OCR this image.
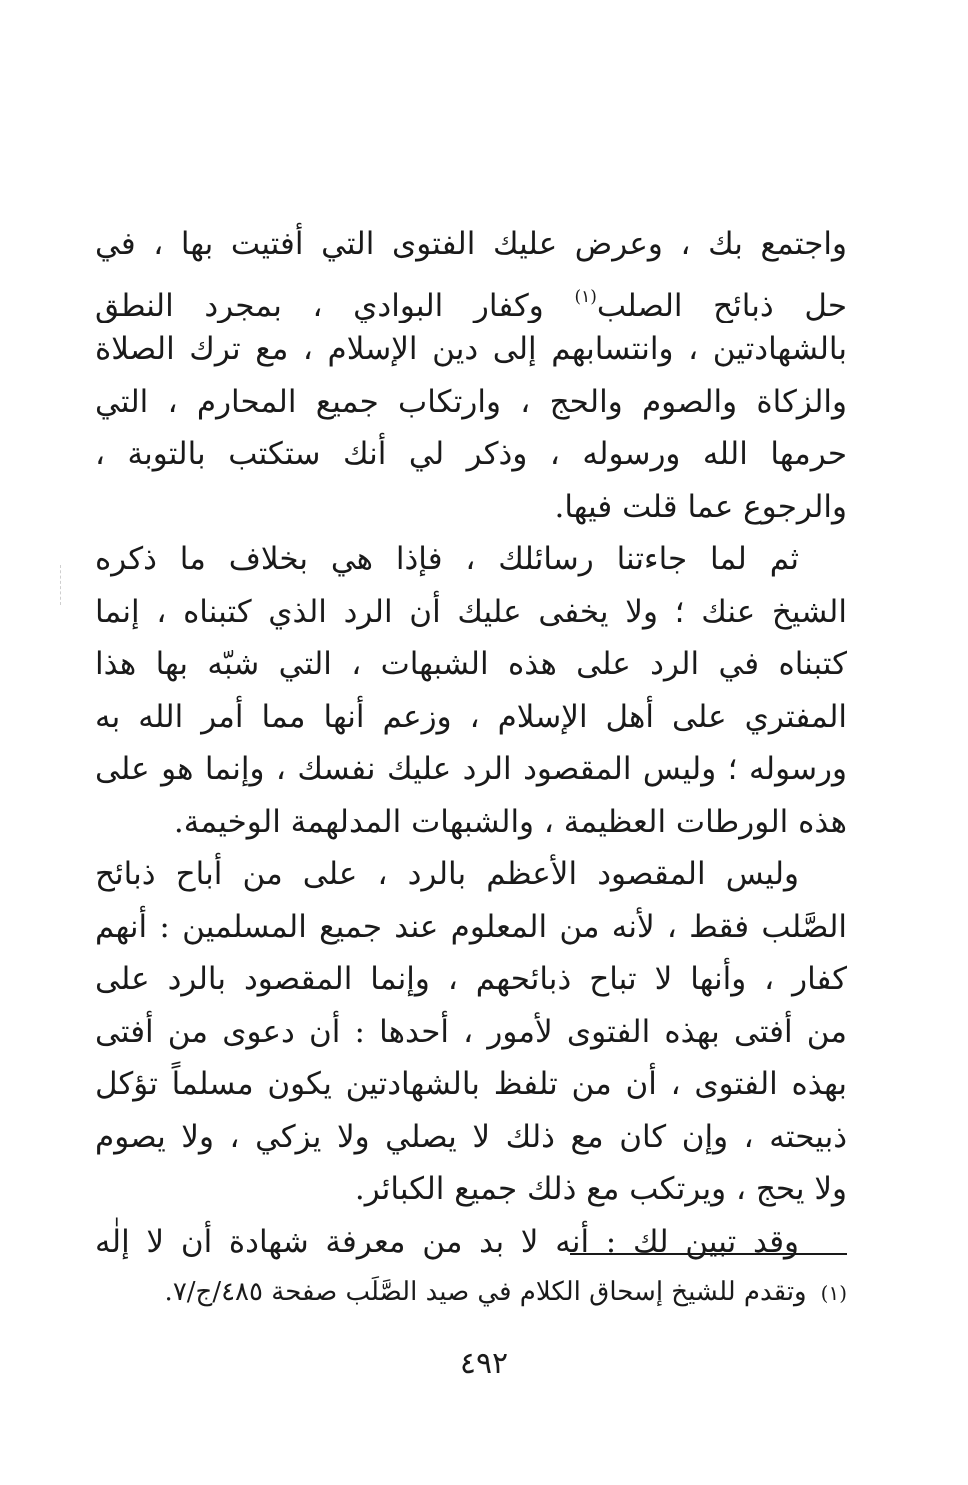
واجتمع بك ، وعرض عليك الفتوى التي أفتيت بها ، في
حل ذبائح الصلب$^{(١)}$ وكفار البوادي ، بمجرد النطق
بالشهادتين ، وانتسابهم إلى دين الإسلام ، مع ترك الصلاة
والزكاة والصوم والحج ، وارتكاب جميع المحارم ، التي
حرمها الله ورسوله ، وذكر لي أنك ستكتب بالتوبة ،
والرجوع عما قلت فيها.
ثم لما جاءتنا رسائلك ، فإذا هي بخلاف ما ذكره
الشيخ عنك ؛ ولا يخفى عليك أن الرد الذي كتبناه ، إنما
كتبناه في الرد على هذه الشبهات ، التي شبّه بها هذا
المفتري على أهل الإسلام ، وزعم أنها مما أمر الله به
ورسوله ؛ وليس المقصود الرد عليك نفسك ، وإنما هو على
هذه الورطات العظيمة ، والشبهات المدلهمة الوخيمة.
وليس المقصود الأعظم بالرد ، على من أباح ذبائح
الصَّلب فقط ، لأنه من المعلوم عند جميع المسلمين : أنهم
كفار ، وأنها لا تباح ذبائحهم ، وإنما المقصود بالرد على
من أفتى بهذه الفتوى لأمور ، أحدها : أن دعوى من أفتى
بهذه الفتوى ، أن من تلفظ بالشهادتين يكون مسلماً تؤكل
ذبيحته ، وإن كان مع ذلك لا يصلي ولا يزكي ، ولا يصوم
ولا يحج ، ويرتكب مع ذلك جميع الكبائر.
وقد تبين لك : أنه لا بد من معرفة شهادة أن لا إلٰه
(١)وتقدم للشيخ إسحاق الكلام في صيد الصَّلَب صفحة ٤٨٥/ج/٧.
٤٩٢
